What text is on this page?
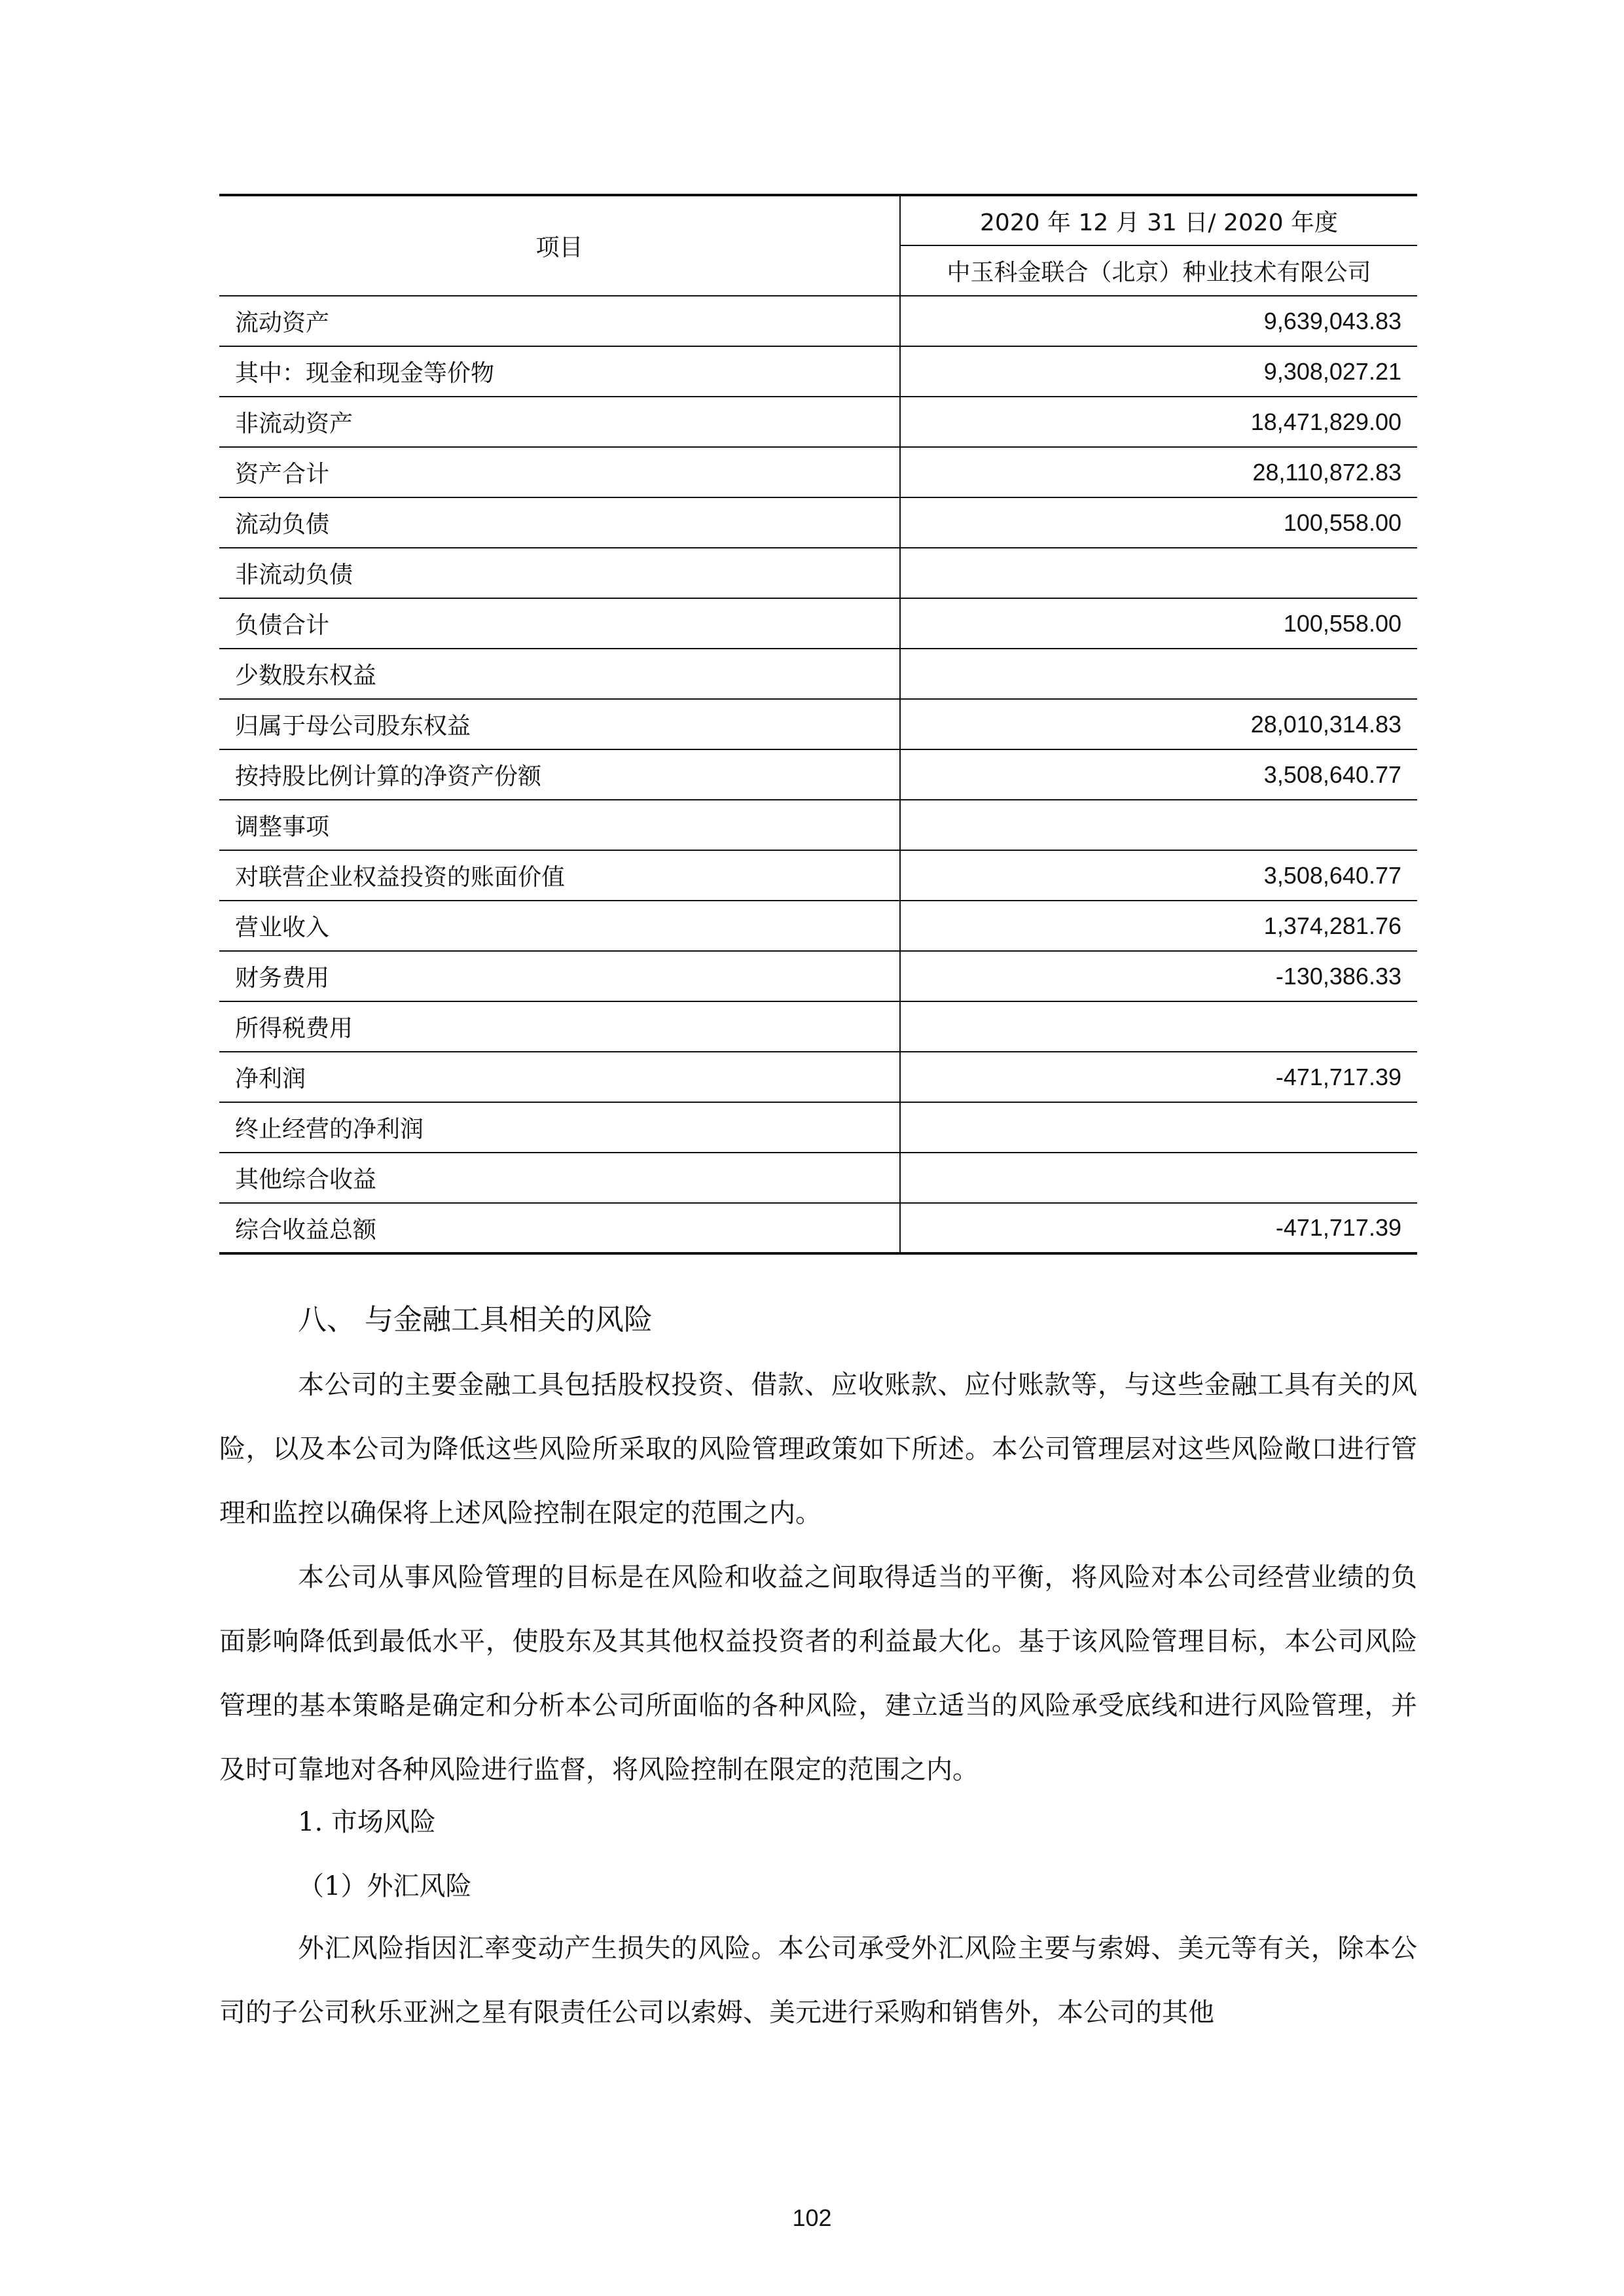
项目	2020 年 12 月 31 日/ 2020 年度
	中玉科金联合（北京）种业技术有限公司
流动资产	9,639,043.83
其中：现金和现金等价物	9,308,027.21
非流动资产	18,471,829.00
资产合计	28,110,872.83
流动负债	100,558.00
非流动负债	
负债合计	100,558.00
少数股东权益	
归属于母公司股东权益	28,010,314.83
按持股比例计算的净资产份额	3,508,640.77
调整事项	
对联营企业权益投资的账面价值	3,508,640.77
营业收入	1,374,281.76
财务费用	-130,386.33
所得税费用	
净利润	-471,717.39
终止经营的净利润	
其他综合收益	
综合收益总额	-471,717.39
八、 与金融工具相关的风险

本公司的主要金融工具包括股权投资、借款、应收账款、应付账款等，与这些金融工具有关的风险，以及本公司为降低这些风险所采取的风险管理政策如下所述。本公司管理层对这些风险敞口进行管理和监控以确保将上述风险控制在限定的范围之内。

本公司从事风险管理的目标是在风险和收益之间取得适当的平衡，将风险对本公司经营业绩的负面影响降低到最低水平，使股东及其其他权益投资者的利益最大化。基于该风险管理目标，本公司风险管理的基本策略是确定和分析本公司所面临的各种风险，建立适当的风险承受底线和进行风险管理，并及时可靠地对各种风险进行监督，将风险控制在限定的范围之内。

1. 市场风险

（1）外汇风险

外汇风险指因汇率变动产生损失的风险。本公司承受外汇风险主要与索姆、美元等有关，除本公司的子公司秋乐亚洲之星有限责任公司以索姆、美元进行采购和销售外，本公司的其他

102
